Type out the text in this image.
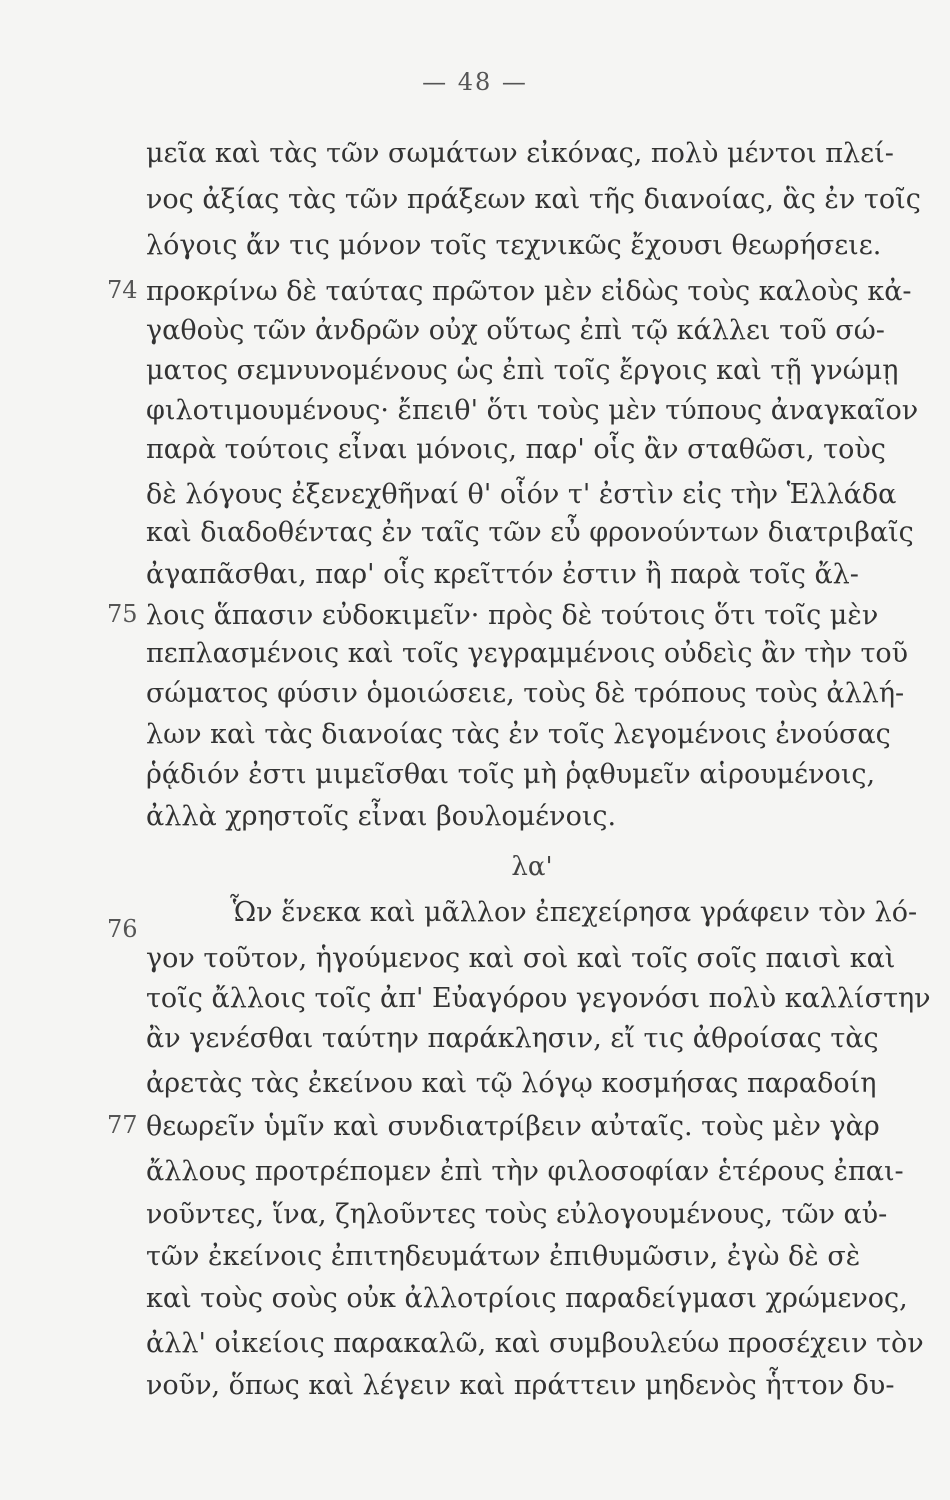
— 48 —
74
75
76
77
μεῖα καὶ τὰς τῶν σωμάτων εἰκόνας, πολὺ μέντοι πλεί-
νος ἀξίας τὰς τῶν πράξεων καὶ τῆς διανοίας, ἃς ἐν τοῖς
λόγοις ἄν τις μόνον τοῖς τεχνικῶς ἔχουσι θεωρήσειε.
προκρίνω δὲ ταύτας πρῶτον μὲν εἰδὼς τοὺς καλοὺς κἀ-
γαθοὺς τῶν ἀνδρῶν οὐχ οὕτως ἐπὶ τῷ κάλλει τοῦ σώ-
ματος σεμνυνομένους ὡς ἐπὶ τοῖς ἔργοις καὶ τῇ γνώμῃ
φιλοτιμουμένους· ἔπειθ' ὅτι τοὺς μὲν τύπους ἀναγκαῖον
παρὰ τούτοις εἶναι μόνοις, παρ' οἷς ἂν σταθῶσι, τοὺς
δὲ λόγους ἐξενεχθῆναί θ' οἷόν τ' ἐστὶν εἰς τὴν Ἑλλάδα
καὶ διαδοθέντας ἐν ταῖς τῶν εὖ φρονούντων διατριβαῖς
ἀγαπᾶσθαι, παρ' οἷς κρεῖττόν ἐστιν ἢ παρὰ τοῖς ἄλ-
λοις ἅπασιν εὐδοκιμεῖν· πρὸς δὲ τούτοις ὅτι τοῖς μὲν
πεπλασμένοις καὶ τοῖς γεγραμμένοις οὐδεὶς ἂν τὴν τοῦ
σώματος φύσιν ὁμοιώσειε, τοὺς δὲ τρόπους τοὺς ἀλλή-
λων καὶ τὰς διανοίας τὰς ἐν τοῖς λεγομένοις ἐνούσας
ῥᾴδιόν ἐστι μιμεῖσθαι τοῖς μὴ ῥᾳθυμεῖν αἱρουμένοις,
ἀλλὰ χρηστοῖς εἶναι βουλομένοις.
λα'
Ὧν ἕνεκα καὶ μᾶλλον ἐπεχείρησα γράφειν τὸν λό-
γον τοῦτον, ἡγούμενος καὶ σοὶ καὶ τοῖς σοῖς παισὶ καὶ
τοῖς ἄλλοις τοῖς ἀπ' Εὐαγόρου γεγονόσι πολὺ καλλίστην
ἂν γενέσθαι ταύτην παράκλησιν, εἴ τις ἀθροίσας τὰς
ἀρετὰς τὰς ἐκείνου καὶ τῷ λόγῳ κοσμήσας παραδοίη
θεωρεῖν ὑμῖν καὶ συνδιατρίβειν αὐταῖς. τοὺς μὲν γὰρ
ἄλλους προτρέπομεν ἐπὶ τὴν φιλοσοφίαν ἑτέρους ἐπαι-
νοῦντες, ἵνα, ζηλοῦντες τοὺς εὐλογουμένους, τῶν αὐ-
τῶν ἐκείνοις ἐπιτηδευμάτων ἐπιθυμῶσιν, ἐγὼ δὲ σὲ
καὶ τοὺς σοὺς οὐκ ἀλλοτρίοις παραδείγμασι χρώμενος,
ἀλλ' οἰκείοις παρακαλῶ, καὶ συμβουλεύω προσέχειν τὸν
νοῦν, ὅπως καὶ λέγειν καὶ πράττειν μηδενὸς ἧττον δυ-
